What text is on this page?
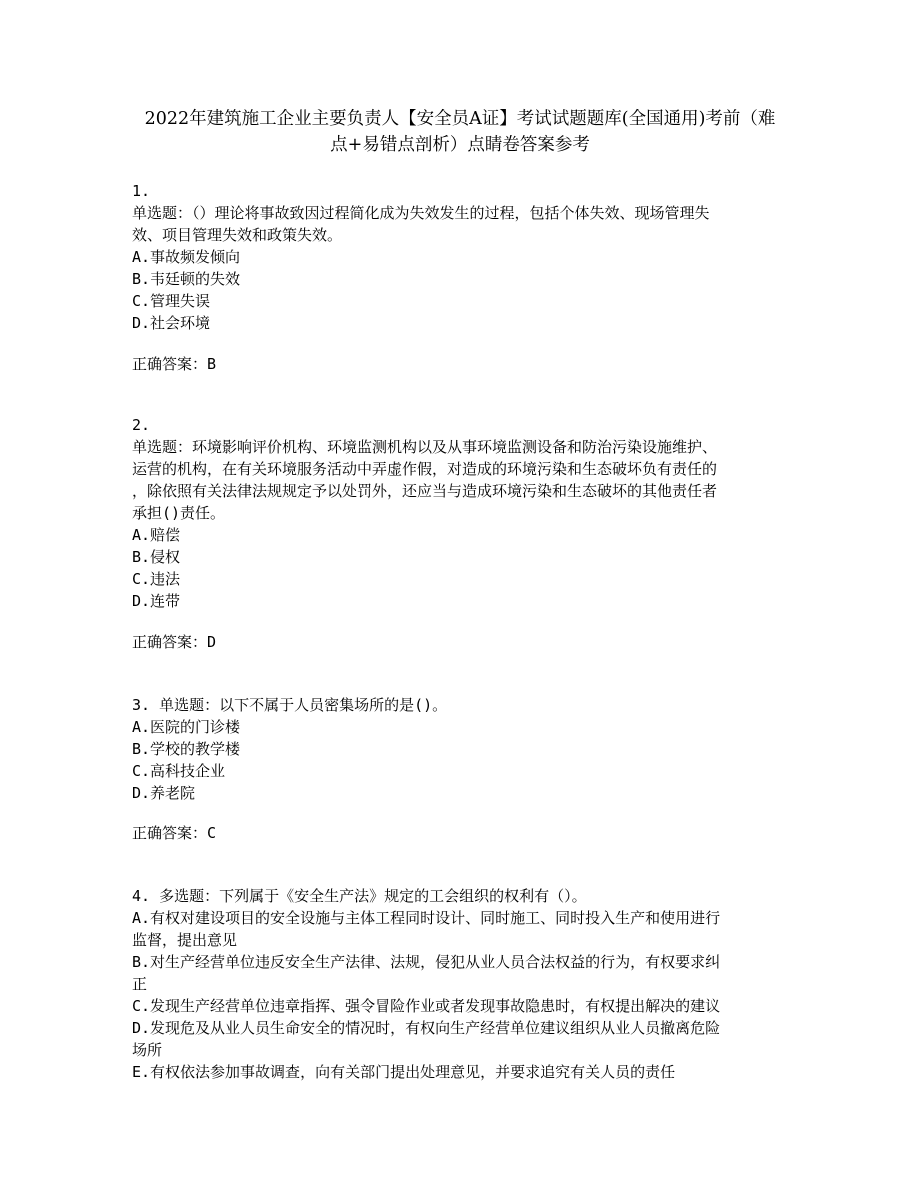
2022年建筑施工企业主要负责人【安全员A证】考试试题题库(全国通用)考前（难
点+易错点剖析）点睛卷答案参考
1.
单选题：（）理论将事故致因过程简化成为失效发生的过程，包括个体失效、现场管理失
效、项目管理失效和政策失效。
A.事故频发倾向
B.韦廷顿的失效
C.管理失误
D.社会环境
正确答案：B
2.
单选题：环境影响评价机构、环境监测机构以及从事环境监测设备和防治污染设施维护、
运营的机构，在有关环境服务活动中弄虚作假，对造成的环境污染和生态破坏负有责任的
，除依照有关法律法规规定予以处罚外，还应当与造成环境污染和生态破坏的其他责任者
承担()责任。
A.赔偿
B.侵权
C.违法
D.连带
正确答案：D
3. 单选题：以下不属于人员密集场所的是()。
A.医院的门诊楼
B.学校的教学楼
C.高科技企业
D.养老院
正确答案：C
4. 多选题：下列属于《安全生产法》规定的工会组织的权利有（）。
A.有权对建设项目的安全设施与主体工程同时设计、同时施工、同时投入生产和使用进行
监督，提出意见
B.对生产经营单位违反安全生产法律、法规，侵犯从业人员合法权益的行为，有权要求纠
正
C.发现生产经营单位违章指挥、强令冒险作业或者发现事故隐患时，有权提出解决的建议
D.发现危及从业人员生命安全的情况时，有权向生产经营单位建议组织从业人员撤离危险
场所
E.有权依法参加事故调查，向有关部门提出处理意见，并要求追究有关人员的责任
